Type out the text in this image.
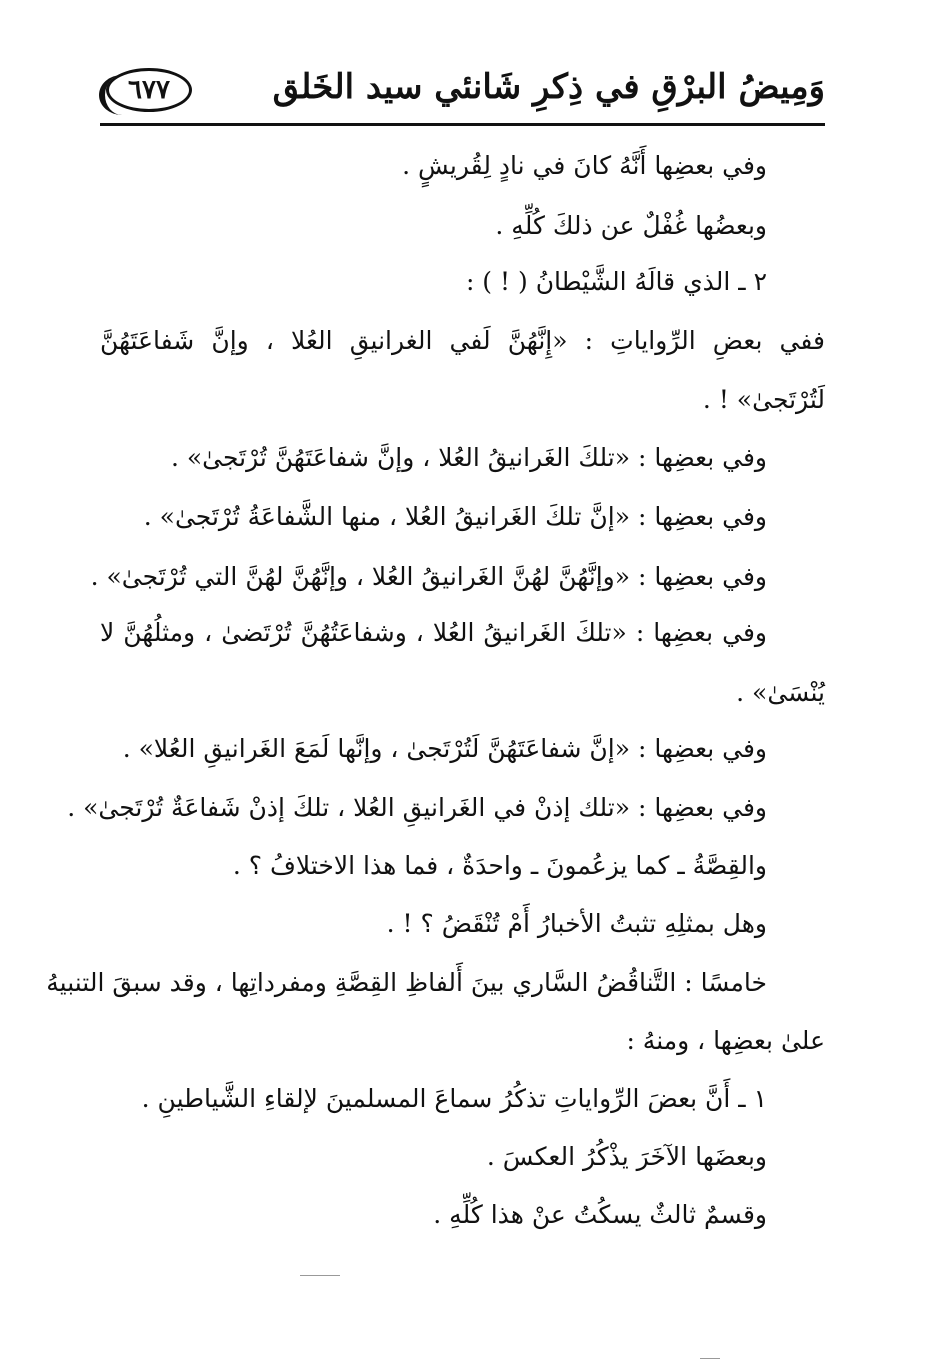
وَمِيضُ البرْقِ في ذِكرِ شَانئي سيد الخَلق
٦٧٧
وفي بعضِها أَنَّهُ كانَ في نادٍ لِقُريشٍ .
وبعضُها غُفْلٌ عن ذلكَ كُلِّهِ .
٢ ـ الذي قالَهُ الشَّيْطانُ ( ! ) :
ففي بعضِ الرِّواياتِ : «إِنَّهُنَّ لَفي الغرانيقِ العُلا ، وإنَّ شَفاعَتَهُنَّ
لَتُرْتَجىٰ» ! .
وفي بعضِها : «تلكَ الغَرانيقُ العُلا ، وإنَّ شفاعَتَهُنَّ تُرْتَجىٰ» .
وفي بعضِها : «إنَّ تلكَ الغَرانيقُ العُلا ، منها الشَّفاعَةُ تُرْتَجىٰ» .
وفي بعضِها : «وإنَّهُنَّ لهُنَّ الغَرانيقُ العُلا ، وإنَّهُنَّ لهُنَّ التي تُرْتَجىٰ» .
وفي بعضِها : «تلكَ الغَرانيقُ العُلا ، وشفاعَتُهُنَّ تُرْتَضىٰ ، ومثلُهُنَّ لا
يُنْسَىٰ» .
وفي بعضِها : «إنَّ شفاعَتَهُنَّ لَتُرْتَجىٰ ، وإنَّها لَمَعَ الغَرانيقِ العُلا» .
وفي بعضِها : «تلك إذنْ في الغَرانيقِ العُلا ، تلكَ إذنْ شَفاعَةٌ تُرْتَجىٰ» .
والقِصَّةُ ـ كما يزعُمونَ ـ واحدَةٌ ، فما هذا الاختلافُ ؟ .
وهل بمثلِهِ تثبتُ الأخبارُ أَمْ تُنْقَضُ ؟ ! .
خامسًا : التَّناقُضُ السَّاري بينَ أَلفاظِ القِصَّةِ ومفرداتِها ، وقد سبقَ التنبيهُ
علىٰ بعضِها ، ومنهُ :
١ ـ أَنَّ بعضَ الرِّواياتِ تذكُرُ سماعَ المسلمينَ لإلقاءِ الشَّياطينِ .
وبعضَها الآخَرَ يذْكُرُ العكسَ .
وقسمٌ ثالثٌ يسكُتُ عنْ هذا كُلِّهِ .
